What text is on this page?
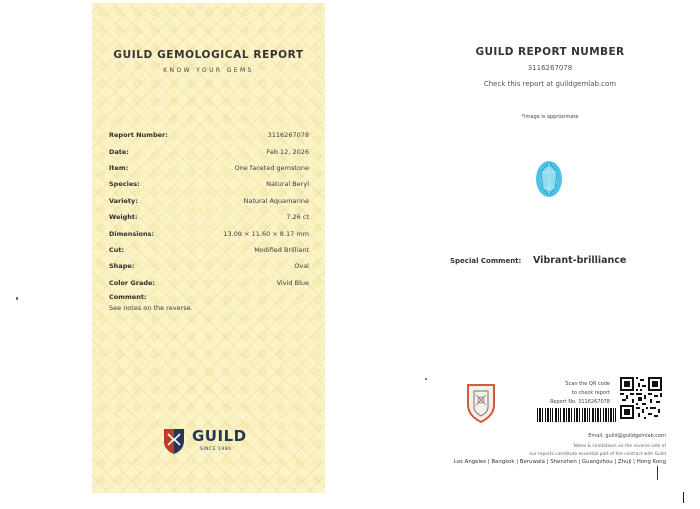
GUILD GEMOLOGICAL REPORT
KNOW YOUR GEMS
Report Number:	3116267078
Date:	Feb 12, 2026
Item:	One faceted gemstone
Species:	Natural Beryl
Variety:	Natural Aquamarine
Weight:	7.26 ct
Dimensions:	13.09 × 11.60 × 8.17 mm
Cut:	Modified Brilliant
Shape:	Oval
Color Grade:	Vivid Blue
Comment:
See notes on the reverse.
GUILD
SINCE 1980
GUILD REPORT NUMBER
3116267078
Check this report at guildgemlab.com
*Image is approximate
Special Comment: Vibrant-brilliance
Scan the QR code
to check report
Report No. 3116267078
Email: guild@guildgemlab.com
Notes & Limitations on the reverse side of
our reports constitute essential part of the contract with Guild
Los Angeles | Bangkok | Beruwala | Shenzhen | Guangzhou | Zhuji | Hong Kong
